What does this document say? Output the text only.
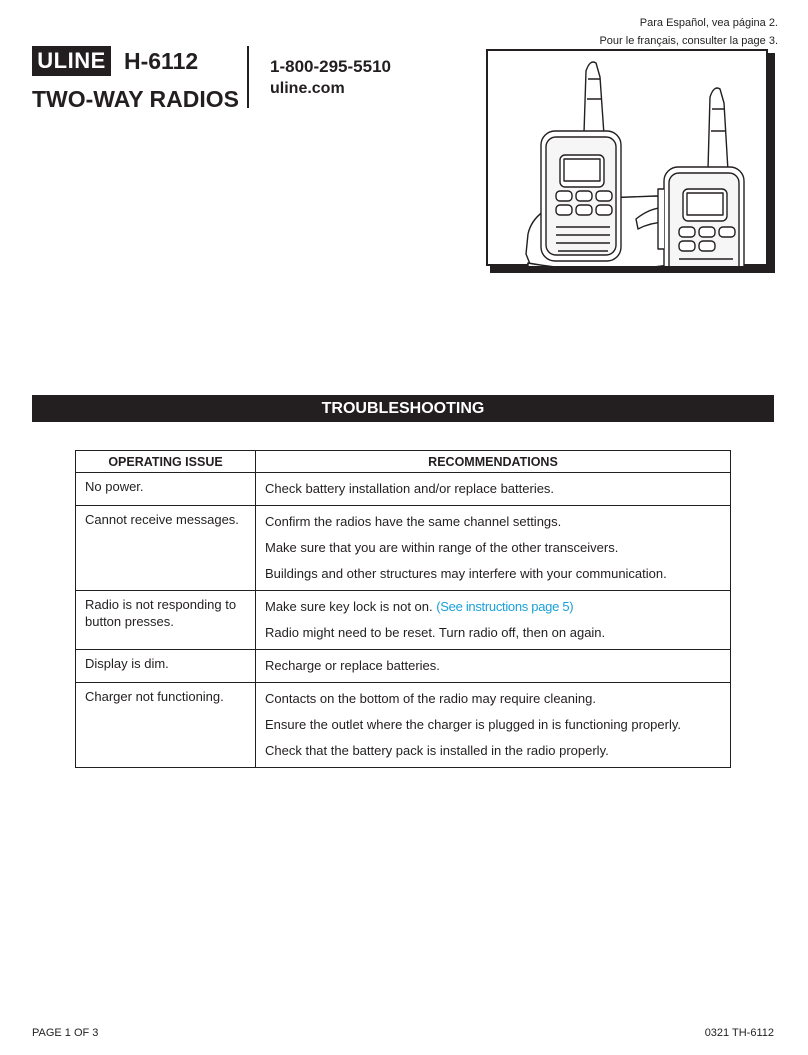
Para Español, vea página 2.
Pour le français, consulter la page 3.
ULINE H-6112
TWO-WAY RADIOS
1-800-295-5510
uline.com
TROUBLESHOOTING
OPERATING ISSUE	RECOMMENDATIONS
No power.	Check battery installation and/or replace batteries.

Cannot receive messages.	Confirm the radios have the same channel settings.
Make sure that you are within range of the other transceivers.
Buildings and other structures may interfere with your communication.

Radio is not responding to button presses.	Make sure key lock is not on. (See instructions page 5)
Radio might need to be reset. Turn radio off, then on again.

Display is dim.	Recharge or replace batteries.

Charger not functioning.	Contacts on the bottom of the radio may require cleaning.
Ensure the outlet where the charger is plugged in is functioning properly.
Check that the battery pack is installed in the radio properly.
PAGE 1 OF 3	0321 TH-6112
